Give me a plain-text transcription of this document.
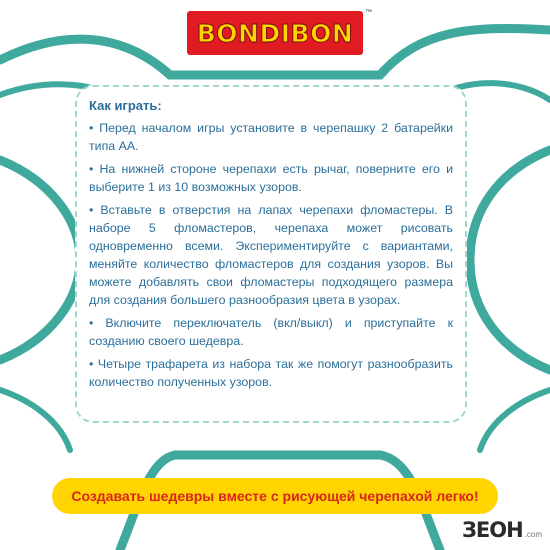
BONDIBON
™
Как играть:

• Перед началом игры установите в черепашку 2 батарейки типа АА.

• На нижней стороне черепахи есть рычаг, поверните его и выберите 1 из 10 возможных узоров.

• Вставьте в отверстия на лапах черепахи фломастеры. В наборе 5 фломастеров, черепаха может рисовать одновременно всеми. Экспериментируйте с вариантами, меняйте количество фломастеров для создания узоров. Вы можете добавлять свои фломастеры подходящего размера для создания большего разнообразия цвета в узорах.

• Включите переключатель (вкл/выкл) и приступайте к созданию своего шедевра.

• Четыре трафарета из набора так же помогут разнообразить количество полученных узоров.

Создавать шедевры вместе с рисующей черепахой легко!
ЗЕОН .com
